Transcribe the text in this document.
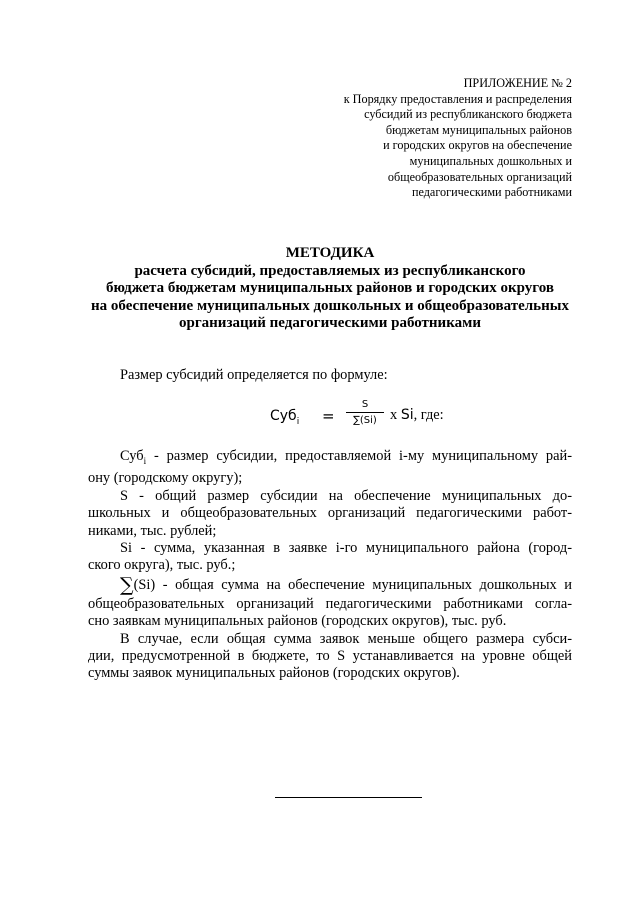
ПРИЛОЖЕНИЕ № 2
к Порядку предоставления и распределения
субсидий из республиканского бюджета
бюджетам муниципальных районов
и городских округов на обеспечение
муниципальных дошкольных и
общеобразовательных организаций
педагогическими работниками
МЕТОДИКА
расчета субсидий, предоставляемых из республиканского
бюджета бюджетам муниципальных районов и городских округов
на обеспечение муниципальных дошкольных и общеобразовательных
организаций педагогическими работниками

Размер субсидий определяется по формуле:

Суб$_i$ =
S
∑(Si) x Si, где:
Суб$_i$ - размер субсидии, предоставляемой i-му муниципальному рай-
ону (городскому округу);
S - общий размер субсидии на обеспечение муниципальных до-
школьных и общеобразовательных организаций педагогическими работ-
никами, тыс. рублей;
Si - сумма, указанная в заявке i-го муниципального района (город-
ского округа), тыс. руб.;
∑(Si) - общая сумма на обеспечение муниципальных дошкольных и
общеобразовательных организаций педагогическими работниками согла-
сно заявкам муниципальных районов (городских округов), тыс. руб.
В случае, если общая сумма заявок меньше общего размера субси-
дии, предусмотренной в бюджете, то S устанавливается на уровне общей
суммы заявок муниципальных районов (городских округов).
